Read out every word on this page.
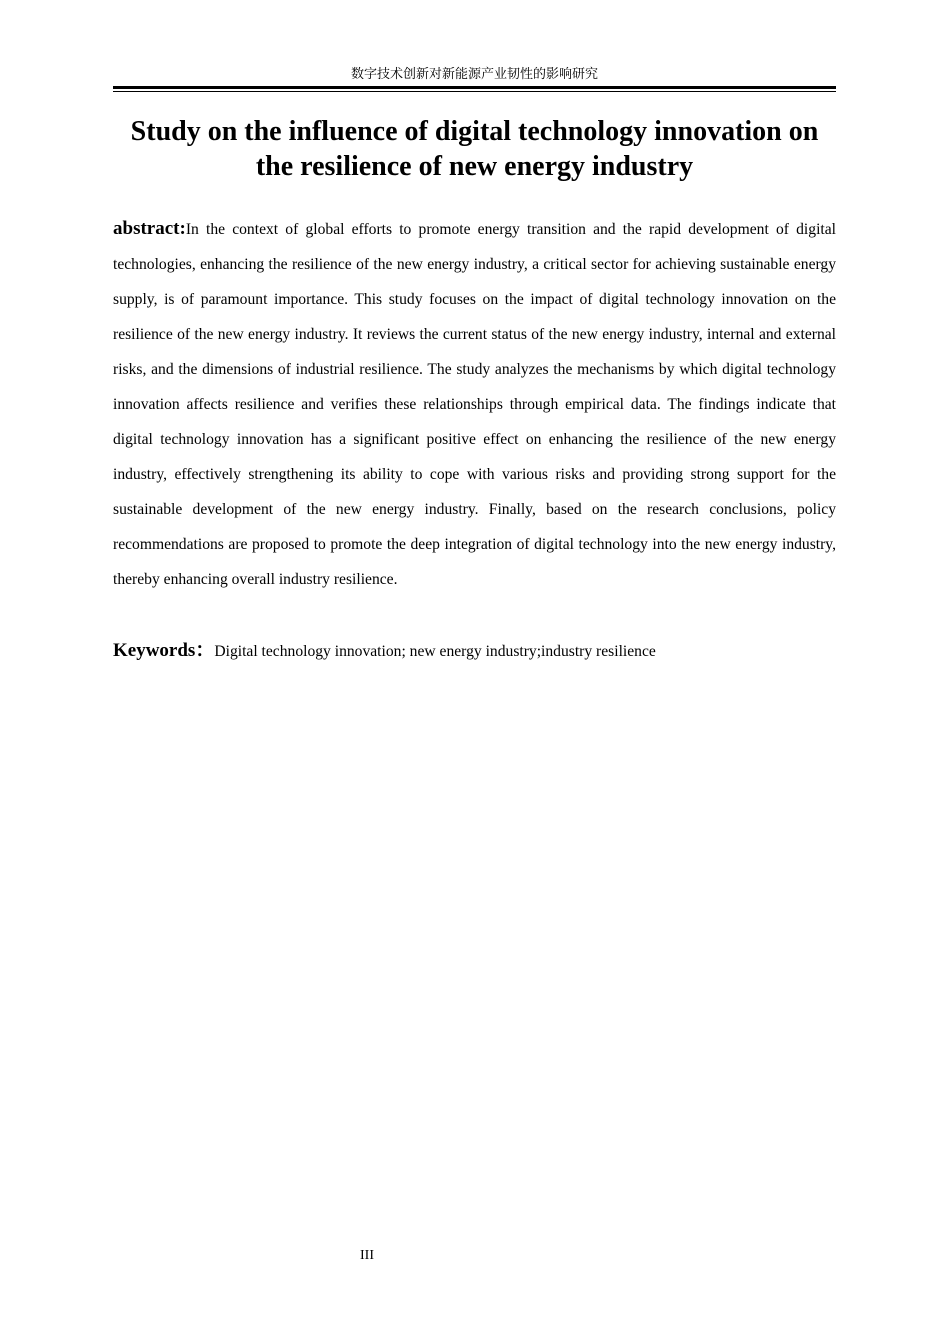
数字技术创新对新能源产业韧性的影响研究
Study on the influence of digital technology innovation on the resilience of new energy industry

abstract:In the context of global efforts to promote energy transition and the rapid development of digital technologies, enhancing the resilience of the new energy industry, a critical sector for achieving sustainable energy supply, is of paramount importance. This study focuses on the impact of digital technology innovation on the resilience of the new energy industry. It reviews the current status of the new energy industry, internal and external risks, and the dimensions of industrial resilience. The study analyzes the mechanisms by which digital technology innovation affects resilience and verifies these relationships through empirical data. The findings indicate that digital technology innovation has a significant positive effect on enhancing the resilience of the new energy industry, effectively strengthening its ability to cope with various risks and providing strong support for the sustainable development of the new energy industry. Finally, based on the research conclusions, policy recommendations are proposed to promote the deep integration of digital technology into the new energy industry, thereby enhancing overall industry resilience.

Keywords：Digital technology innovation; new energy industry;industry resilience

III
